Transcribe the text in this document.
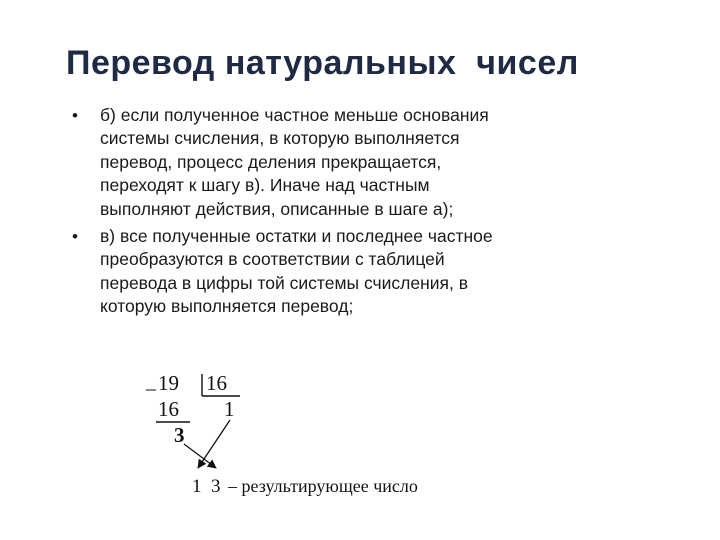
Перевод натуральных  чисел
• б) если полученное частное меньше основания
системы счисления, в которую выполняется
перевод, процесс деления прекращается,
переходят к шагу в). Иначе над частным
выполняют действия, описанные в шаге а);
• в) все полученные остатки и последнее частное
преобразуются в соответствии с таблицей
перевода в цифры той системы счисления, в
которую выполняется перевод;
_ 19 16
16 1
3
1  3 – результирующее число
